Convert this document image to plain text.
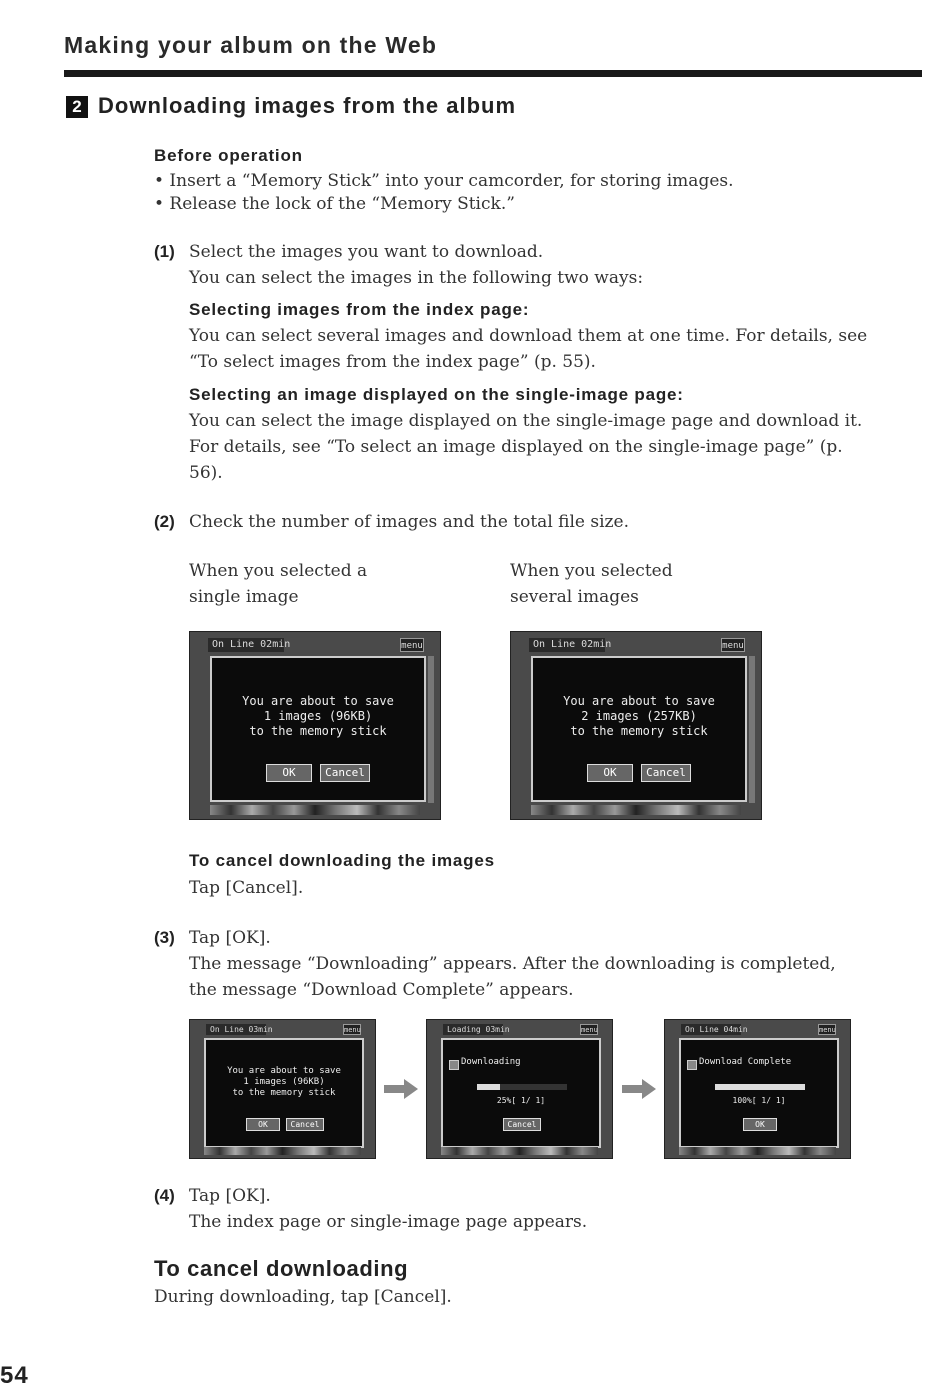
Making your album on the Web
2 Downloading images from the album
Before operation
• Insert a “Memory Stick” into your camcorder, for storing images.
• Release the lock of the “Memory Stick.”
(1) Select the images you want to download.
You can select the images in the following two ways:
Selecting images from the index page:
You can select several images and download them at one time. For details, see
“To select images from the index page” (p. 55).
Selecting an image displayed on the single-image page:
You can select the image displayed on the single-image page and download it.
For details, see “To select an image displayed on the single-image page” (p.
56).
(2) Check the number of images and the total file size.
When you selected a
single image
When you selected
several images
On Line 02min	menu
You are about to save
1 images (96KB)
to the memory stick
OK	Cancel
On Line 02min	menu
You are about to save
2 images (257KB)
to the memory stick
OK	Cancel
To cancel downloading the images
Tap [Cancel].
(3) Tap [OK].
The message “Downloading” appears. After the downloading is completed,
the message “Download Complete” appears.
On Line 03min	menu
You are about to save
1 images (96KB)
to the memory stick
OK	Cancel
Loading 03min	menu
Downloading
25%[ 1/ 1]
Cancel
On Line 04min	menu
Download Complete
100%[ 1/ 1]
OK
(4) Tap [OK].
The index page or single-image page appears.
To cancel downloading
During downloading, tap [Cancel].
54
